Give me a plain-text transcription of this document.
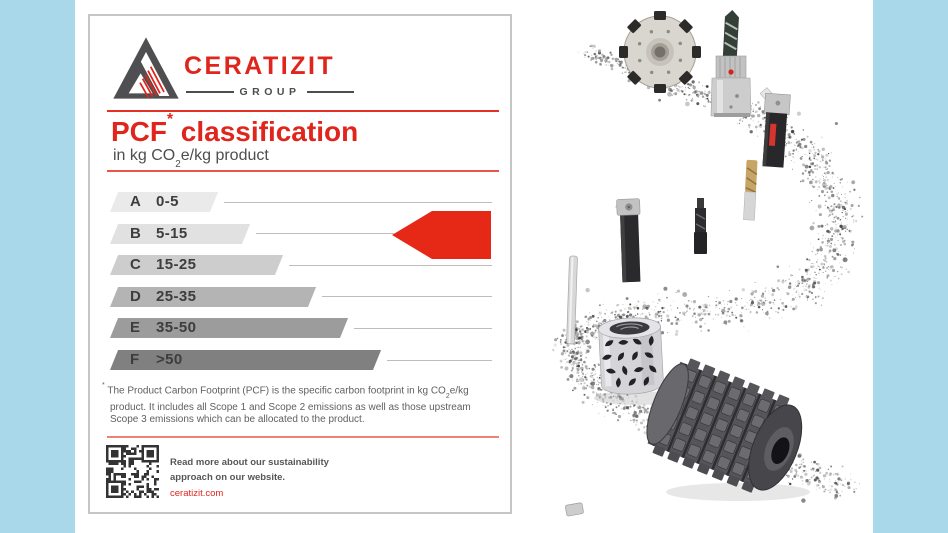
CERATIZIT
GROUP
PCF* classification
in kg $CO_2e/kg$ product
A 0-5
B 5-15
C 15-25
D 25-35
E 35-50
F >50
* The Product Carbon Footprint (PCF) is the specific carbon footprint in kg $CO_2e/kg$ product. It includes all Scope 1 and Scope 2 emissions as well as those upstream Scope 3 emissions which can be allocated to the product.
Read more about our sustainability
approach on our website.
ceratizit.com
